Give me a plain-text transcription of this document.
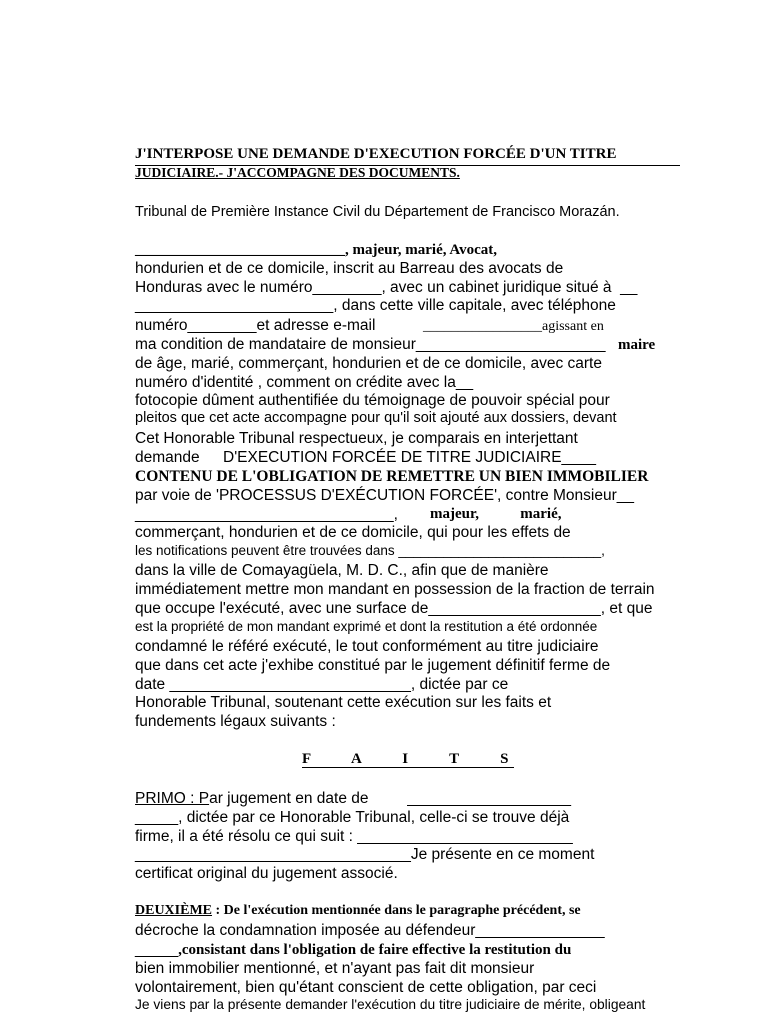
J'INTERPOSE UNE DEMANDE D'EXECUTION FORCÉE D'UN TITRE
JUDICIAIRE.- J'ACCOMPAGNE DES DOCUMENTS.
Tribunal de Première Instance Civil du Département de Francisco Morazán.
____________________________, majeur, marié, Avocat,
hondurien et de ce domicile, inscrit au Barreau des avocats de
Honduras avec le numéro________, avec un cabinet juridique situé à  __
_______________________, dans cette ville capitale, avec téléphone
numéro________et adresse e-mail	_________________agissant en
ma condition de mandataire de monsieur______________________ maire
de âge, marié, commerçant, hondurien et de ce domicile, avec carte
numéro d'identité , comment on crédite avec la__
fotocopie dûment authentifiée du témoignage de pouvoir spécial pour
pleitos que cet acte accompagne pour qu'il soit ajouté aux dossiers, devant
Cet Honorable Tribunal respectueux, je comparais en interjettant
demande D'EXECUTION FORCÉE DE TITRE JUDICIAIRE____
CONTENU DE L'OBLIGATION DE REMETTRE UN BIEN IMMOBILIER
par voie de 'PROCESSUS D'EXÉCUTION FORCÉE', contre Monsieur__
______________________________, majeur,   marié,
commerçant, hondurien et de ce domicile, qui pour les effets de
les notifications peuvent être trouvées dans ___________________________,
dans la ville de Comayagüela, M. D. C., afin que de manière
immédiatement mettre mon mandant en possession de la fraction de terrain
que occupe l'exécuté, avec une surface de____________________, et que
est la propriété de mon mandant exprimé et dont la restitution a été ordonnée
condamné le référé exécuté, le tout conformément au titre judiciaire
que dans cet acte j'exhibe constitué par le jugement définitif ferme de
date ____________________________, dictée par ce
Honorable Tribunal, soutenant cette exécution sur les faits et
fundements légaux suivants :
F   A   I   T   S
PRIMO : Par jugement en date de         ___________________
_____, dictée par ce Honorable Tribunal, celle-ci se trouve déjà
firme, il a été résolu ce qui suit : _________________________
________________________________Je présente en ce moment
certificat original du jugement associé.
DEUXIÈME : De l'exécution mentionnée dans le paragraphe précédent, se
décroche la condamnation imposée au défendeur_______________
_____,consistant dans l'obligation de faire effective la restitution du
bien immobilier mentionné, et n'ayant pas fait dit monsieur
volontairement, bien qu'étant conscient de cette obligation, par ceci
Je viens par la présente demander l'exécution du titre judiciaire de mérite, obligeant
